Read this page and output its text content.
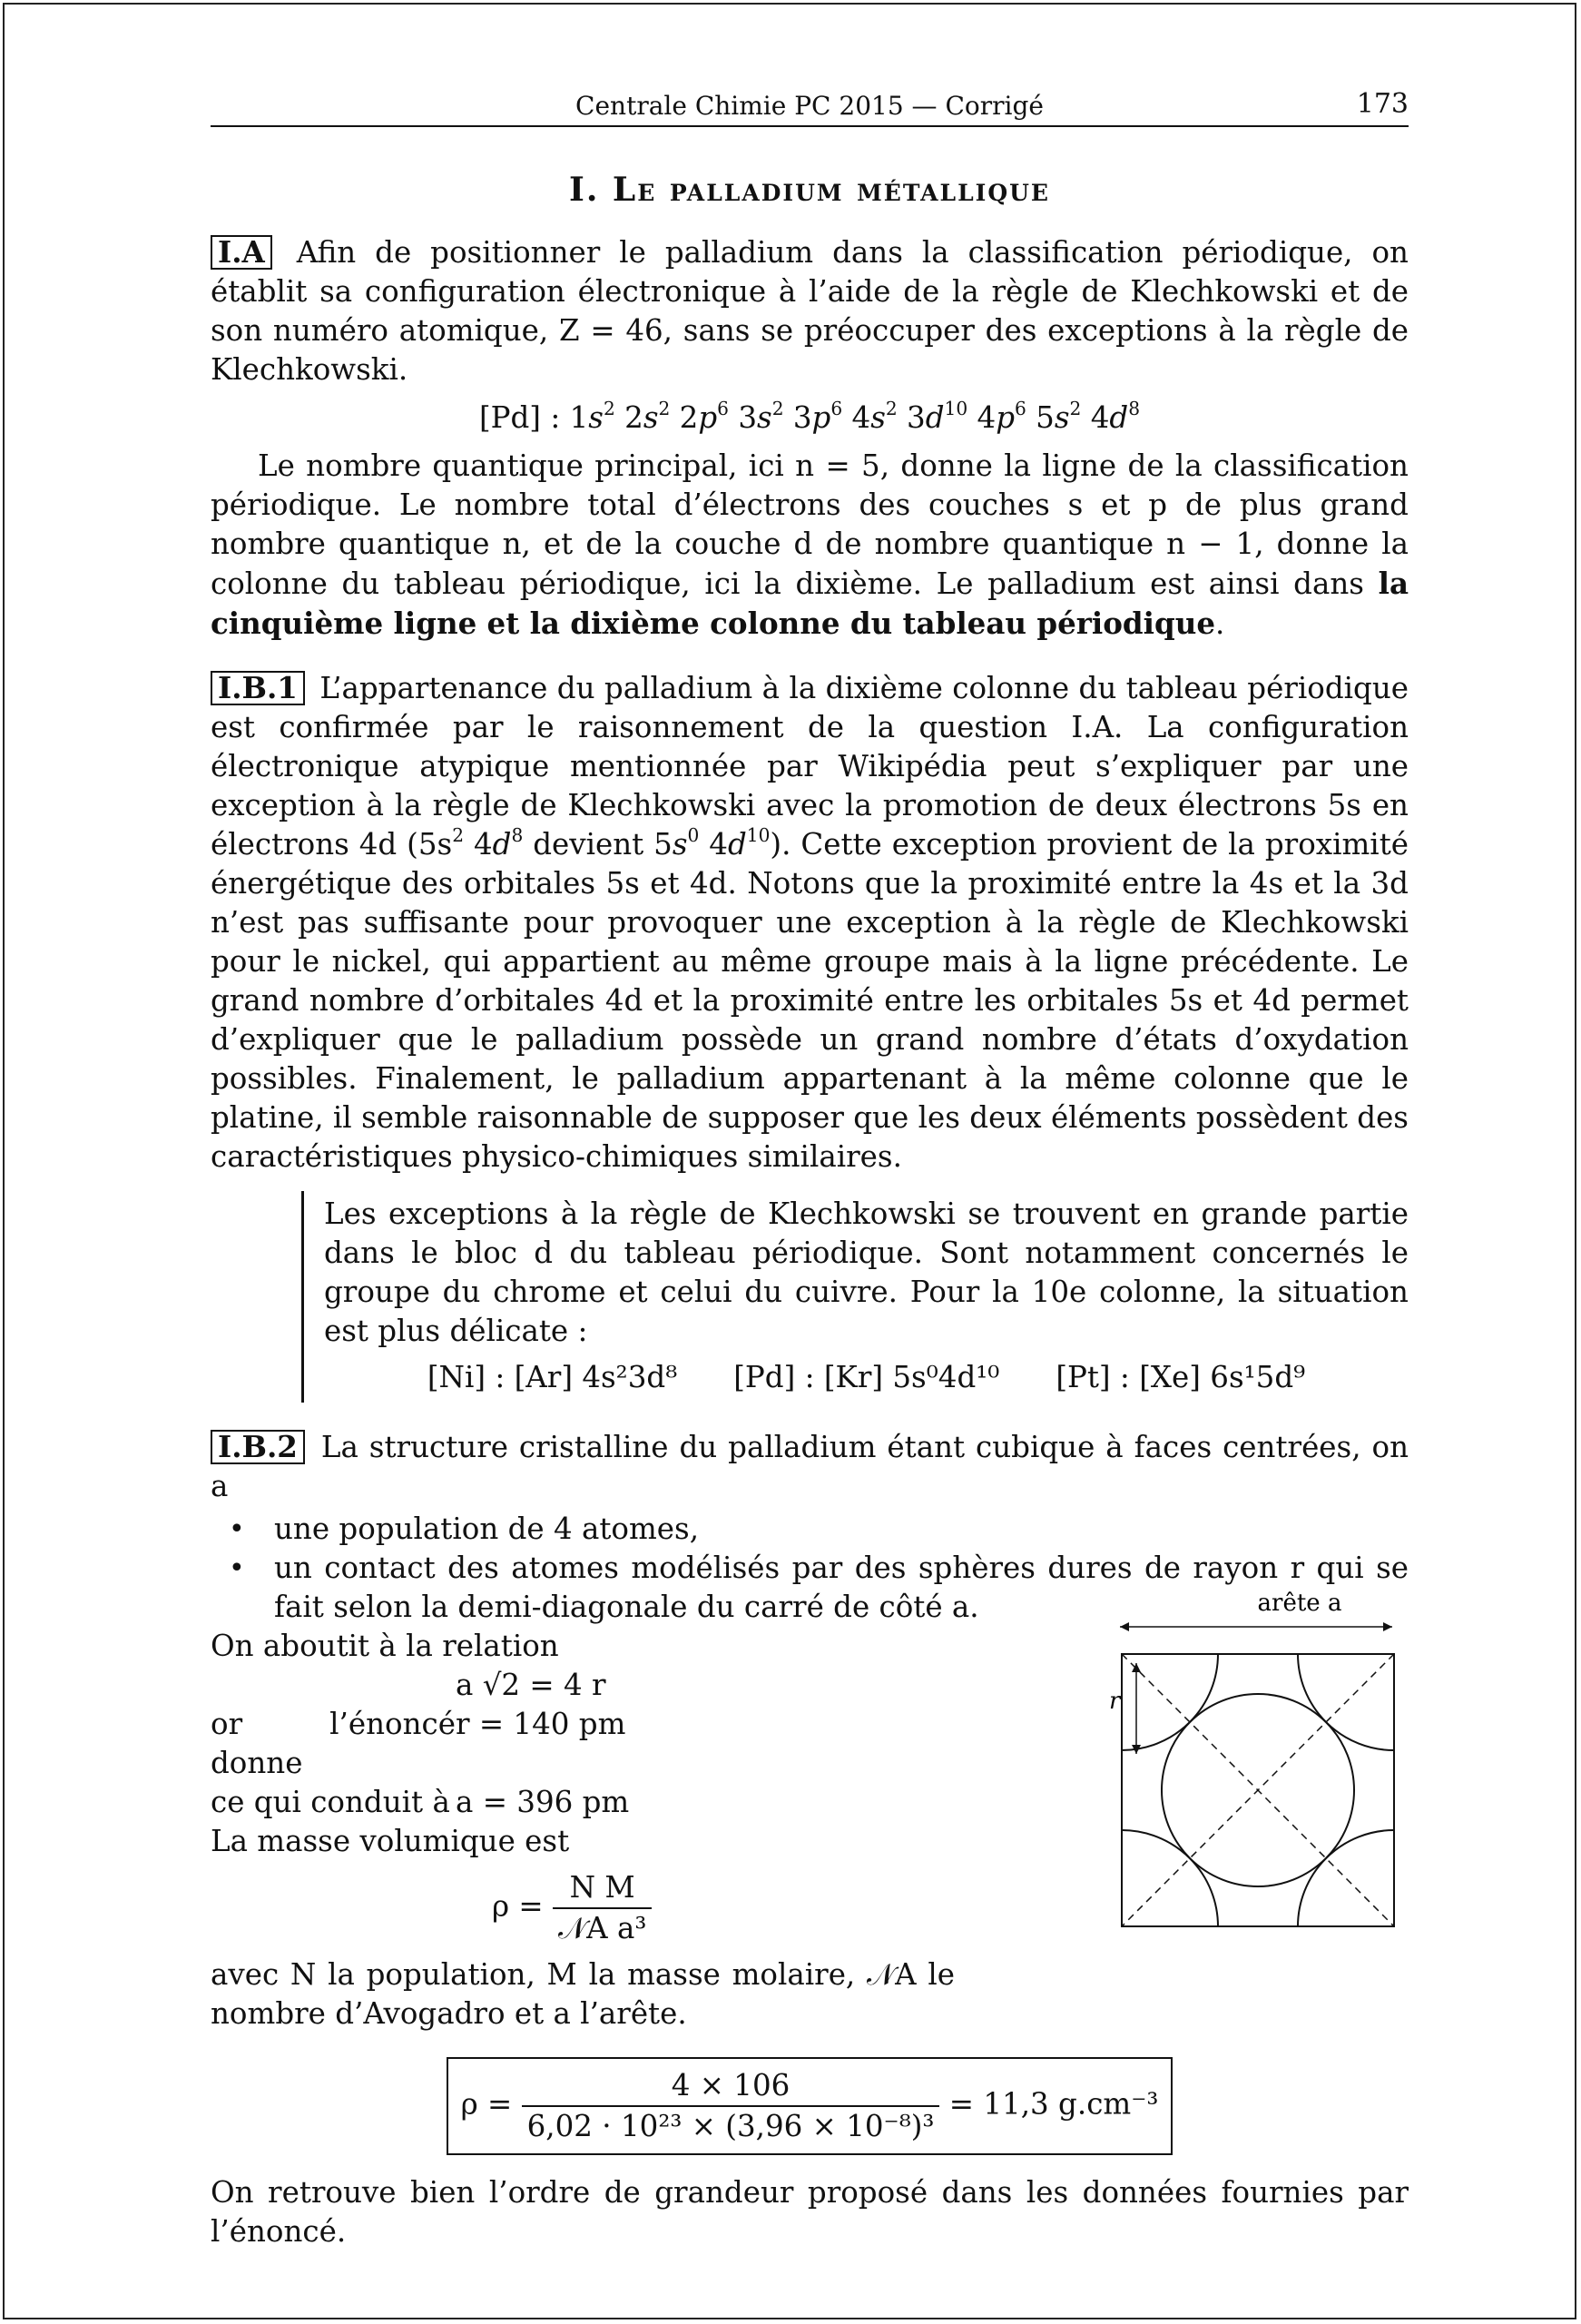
Centrale Chimie PC 2015 — Corrigé	173
I. Le palladium métallique

I.A Afin de positionner le palladium dans la classification périodique, on établit sa configuration électronique à l’aide de la règle de Klechkowski et de son numéro atomique, Z = 46, sans se préoccuper des exceptions à la règle de Klechkowski.

[Pd] : $1s^2$ $2s^2$ $2p^6$ $3s^2$ $3p^6$ $4s^2$ $3d^{10}$ $4p^6$ $5s^2$ $4d^8$

Le nombre quantique principal, ici n = 5, donne la ligne de la classification périodique. Le nombre total d’électrons des couches s et p de plus grand nombre quantique n, et de la couche d de nombre quantique n − 1, donne la colonne du tableau périodique, ici la dixième. Le palladium est ainsi dans la cinquième ligne et la dixième colonne du tableau périodique.

I.B.1 L’appartenance du palladium à la dixième colonne du tableau périodique est confirmée par le raisonnement de la question I.A. La configuration électronique atypique mentionnée par Wikipédia peut s’expliquer par une exception à la règle de Klechkowski avec la promotion de deux électrons 5s en électrons 4d ($5s^2$ $4d^8$ devient $5s^0$ $4d^{10}$). Cette exception provient de la proximité énergétique des orbitales 5s et 4d. Notons que la proximité entre la 4s et la 3d n’est pas suffisante pour provoquer une exception à la règle de Klechkowski pour le nickel, qui appartient au même groupe mais à la ligne précédente. Le grand nombre d’orbitales 4d et la proximité entre les orbitales 5s et 4d permet d’expliquer que le palladium possède un grand nombre d’états d’oxydation possibles. Finalement, le palladium appartenant à la même colonne que le platine, il semble raisonnable de supposer que les deux éléments possèdent des caractéristiques physico-chimiques similaires.

Les exceptions à la règle de Klechkowski se trouvent en grande partie dans le bloc d du tableau périodique. Sont notamment concernés le groupe du chrome et celui du cuivre. Pour la 10e colonne, la situation est plus délicate :

[Ni] : [Ar] 4s²3d⁸ [Pd] : [Kr] 5s⁰4d¹⁰ [Pt] : [Xe] 6s¹5d⁹

I.B.2 La structure cristalline du palladium étant cubique à faces centrées, on a

• une population de 4 atomes,
• un contact des atomes modélisés par des sphères dures de rayon r qui se fait selon la demi-diagonale du carré de côté a.

On aboutit à la relation

a √2 = 4 r

or l’énoncé donne
r = 140 pm
ce qui conduit à a = 396 pm

La masse volumique est

$\rho = \frac{\text{N M}}{\text{𝒩A a³}}$

avec N la population, M la masse molaire, 𝒩A le nombre d’Avogadro et a l’arête.

arête a
r

$\rho = \frac{4 \times 106}{\text{6,02 · 10²³ × (3,96 × 10⁻⁸)³}} = 11,3$ g.cm⁻³

On retrouve bien l’ordre de grandeur proposé dans les données fournies par l’énoncé.
